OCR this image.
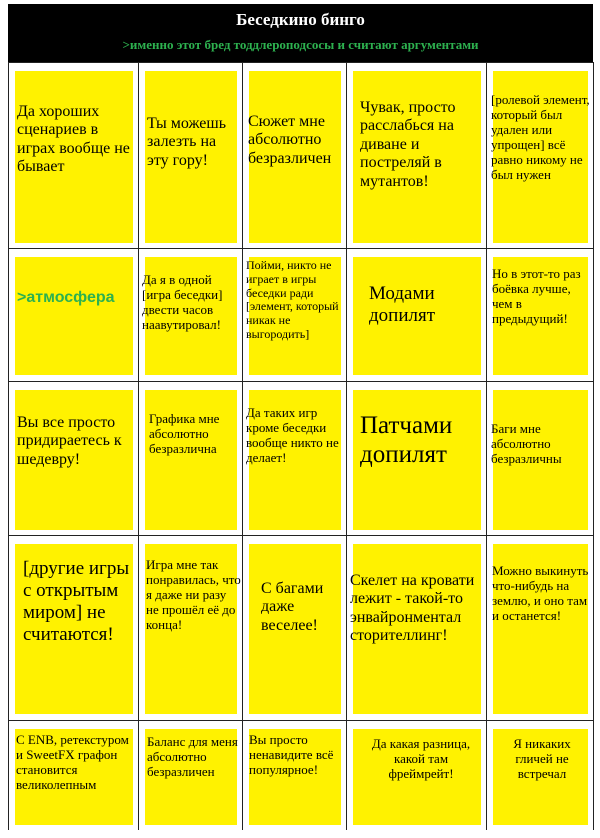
Беседкино бинго
>именно этот бред тоддлероподсосы и считают аргументами
Да хороших сценариев в играх вообще не бывает
Ты можешь залезть на эту гору!
Сюжет мне абсолютно безразличен
Чувак, просто расслабься на диване и постреляй в мутантов!
[ролевой элемент, который был удален или упрощен] всё равно никому не был нужен
>атмосфера
Да я в одной [игра беседки] двести часов наавутировал!
Пойми, никто не играет в игры беседки ради [элемент, который никак не выгородить]
Модами допилят
Но в этот-то раз боёвка лучше, чем в предыдущий!
Вы все просто придираетесь к шедевру!
Графика мне абсолютно безразлична
Да таких игр кроме беседки вообще никто не делает!
Патчами допилят
Баги мне абсолютно безразличны
[другие игры с открытым миром] не считаются!
Игра мне так понравилась, что я даже ни разу не прошёл её до конца!
С багами даже веселее!
Скелет на кровати лежит - такой-то энвайронментал сторителлинг!
Можно выкинуть что-нибудь на землю, и оно там и останется!
С ENB, ретекстуром и SweetFX графон становится великолепным
Баланс для меня абсолютно безразличен
Вы просто ненавидите всё популярное!
Да какая разница, какой там фреймрейт!
Я никаких гличей не встречал
